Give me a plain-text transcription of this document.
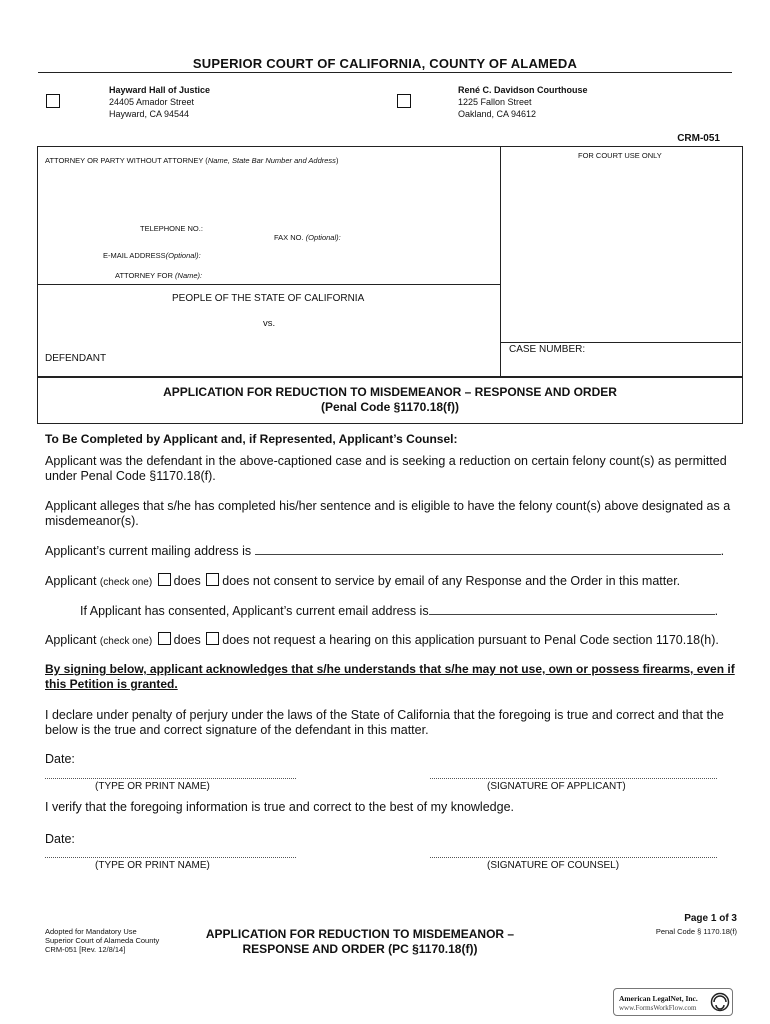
SUPERIOR COURT OF CALIFORNIA, COUNTY OF ALAMEDA
Hayward Hall of Justice
24405 Amador Street
Hayward, CA 94544
René C. Davidson Courthouse
1225 Fallon Street
Oakland, CA 94612
CRM-051
ATTORNEY OR PARTY WITHOUT ATTORNEY (Name, State Bar Number and Address)
FOR COURT USE ONLY
TELEPHONE NO.:
FAX NO. (Optional):
E-MAIL ADDRESS(Optional):
ATTORNEY FOR (Name):
PEOPLE OF THE STATE OF CALIFORNIA
vs.
DEFENDANT
CASE NUMBER:
APPLICATION FOR REDUCTION TO MISDEMEANOR – RESPONSE AND ORDER
(Penal Code §1170.18(f))
To Be Completed by Applicant and, if Represented, Applicant’s Counsel:
Applicant was the defendant in the above-captioned case and is seeking a reduction on certain felony count(s) as permitted under Penal Code §1170.18(f).
Applicant alleges that s/he has completed his/her sentence and is eligible to have the felony count(s) above designated as a misdemeanor(s).
Applicant’s current mailing address is	.
Applicant (check one) does does not consent to service by email of any Response and the Order in this matter.
If Applicant has consented, Applicant’s current email address is	.
Applicant (check one) does does not request a hearing on this application pursuant to Penal Code section 1170.18(h).
By signing below, applicant acknowledges that s/he understands that s/he may not use, own or possess firearms, even if this Petition is granted.
I declare under penalty of perjury under the laws of the State of California that the foregoing is true and correct and that the below is the true and correct signature of the defendant in this matter.
Date:
(TYPE OR PRINT NAME)	(SIGNATURE OF APPLICANT)
I verify that the foregoing information is true and correct to the best of my knowledge.
Date:
(TYPE OR PRINT NAME)	(SIGNATURE OF COUNSEL)
Adopted for Mandatory Use
Superior Court of Alameda County
CRM-051 [Rev. 12/8/14]
APPLICATION FOR REDUCTION TO MISDEMEANOR –
RESPONSE AND ORDER (PC §1170.18(f))
Page 1 of 3
Penal Code § 1170.18(f)
American LegalNet, Inc.
www.FormsWorkFlow.com
